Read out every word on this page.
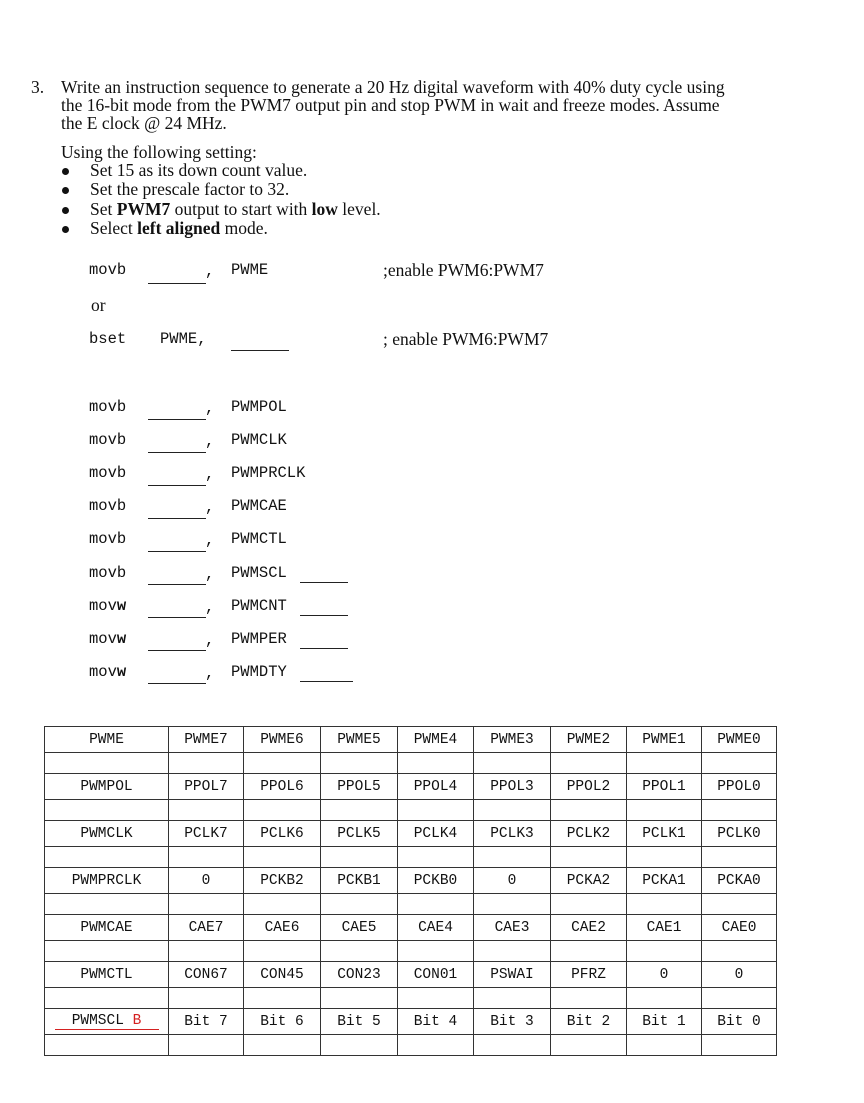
3. Write an instruction sequence to generate a 20 Hz digital waveform with 40% duty cycle using
the 16-bit mode from the PWM7 output pin and stop PWM in wait and freeze modes. Assume
the E clock @ 24 MHz.
Using the following setting:
Set 15 as its down count value.
Set the prescale factor to 32.
Set PWM7 output to start with low level.
Select left aligned mode.
movb	, PWME	;enable PWM6:PWM7
or
bset PWME,	; enable PWM6:PWM7
movb	, PWMPOL
movb	, PWMCLK
movb	, PWMPRCLK
movb	, PWMCAE
movb	, PWMCTL
movb	, PWMSCL
movw	, PWMCNT
movw	, PWMPER
movw	, PWMDTY
PWME	PWME7	PWME6	PWME5	PWME4	PWME3	PWME2	PWME1	PWME0

PWMPOL	PPOL7	PPOL6	PPOL5	PPOL4	PPOL3	PPOL2	PPOL1	PPOL0

PWMCLK	PCLK7	PCLK6	PCLK5	PCLK4	PCLK3	PCLK2	PCLK1	PCLK0

PWMPRCLK	0	PCKB2	PCKB1	PCKB0	0	PCKA2	PCKA1	PCKA0

PWMCAE	CAE7	CAE6	CAE5	CAE4	CAE3	CAE2	CAE1	CAE0

PWMCTL	CON67	CON45	CON23	CON01	PSWAI	PFRZ	0	0

PWMSCL B	Bit 7	Bit 6	Bit 5	Bit 4	Bit 3	Bit 2	Bit 1	Bit 0
